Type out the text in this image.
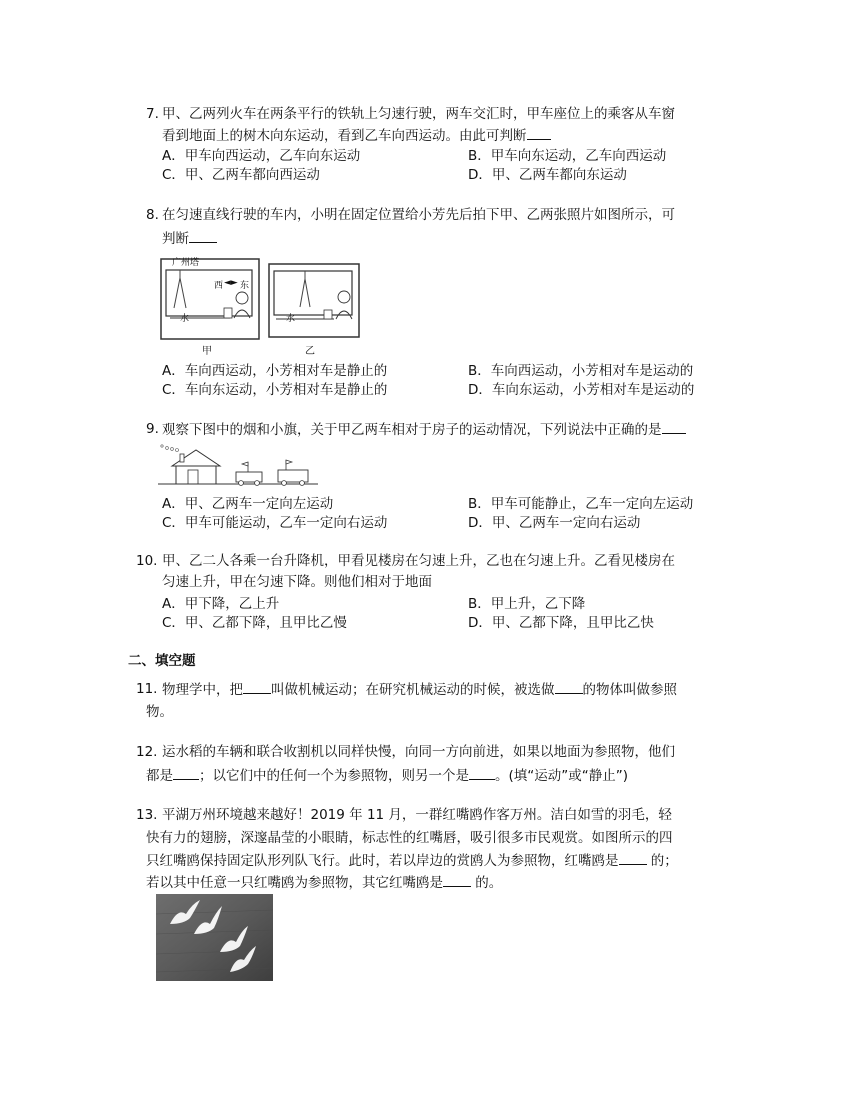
7. 甲、乙两列火车在两条平行的铁轨上匀速行驶，两车交汇时，甲车座位上的乘客从车窗
看到地面上的树木向东运动，看到乙车向西运动。由此可判断
A．甲车向西运动，乙车向东运动	B．甲车向东运动，乙车向西运动
C．甲、乙两车都向西运动	D．甲、乙两车都向东运动
8. 在匀速直线行驶的车内，小明在固定位置给小芳先后拍下甲、乙两张照片如图所示，可
判断
广州塔
西 ◄► 东
水	水
甲	乙
A．车向西运动，小芳相对车是静止的	B．车向西运动，小芳相对车是运动的
C．车向东运动，小芳相对车是静止的	D．车向东运动，小芳相对车是运动的
9. 观察下图中的烟和小旗，关于甲乙两车相对于房子的运动情况，下列说法中正确的是
A．甲、乙两车一定向左运动	B．甲车可能静止，乙车一定向左运动
C．甲车可能运动，乙车一定向右运动	D．甲、乙两车一定向右运动
10. 甲、乙二人各乘一台升降机，甲看见楼房在匀速上升，乙也在匀速上升。乙看见楼房在
匀速上升，甲在匀速下降。则他们相对于地面
A．甲下降，乙上升	B．甲上升，乙下降
C．甲、乙都下降，且甲比乙慢	D．甲、乙都下降，且甲比乙快
二、填空题
11. 物理学中，把 叫做机械运动；在研究机械运动的时候，被选做 的物体叫做参照
物。
12. 运水稻的车辆和联合收割机以同样快慢，向同一方向前进，如果以地面为参照物，他们
都是 ；以它们中的任何一个为参照物，则另一个是 。(填“运动”或“静止”)
13. 平湖万州环境越来越好！2019 年 11 月，一群红嘴鸥作客万州。洁白如雪的羽毛，轻
快有力的翅膀，深邃晶莹的小眼睛，标志性的红嘴唇，吸引很多市民观赏。如图所示的四
只红嘴鸥保持固定队形列队飞行。此时，若以岸边的赏鸥人为参照物，红嘴鸥是 的；
若以其中任意一只红嘴鸥为参照物，其它红嘴鸥是 的。
